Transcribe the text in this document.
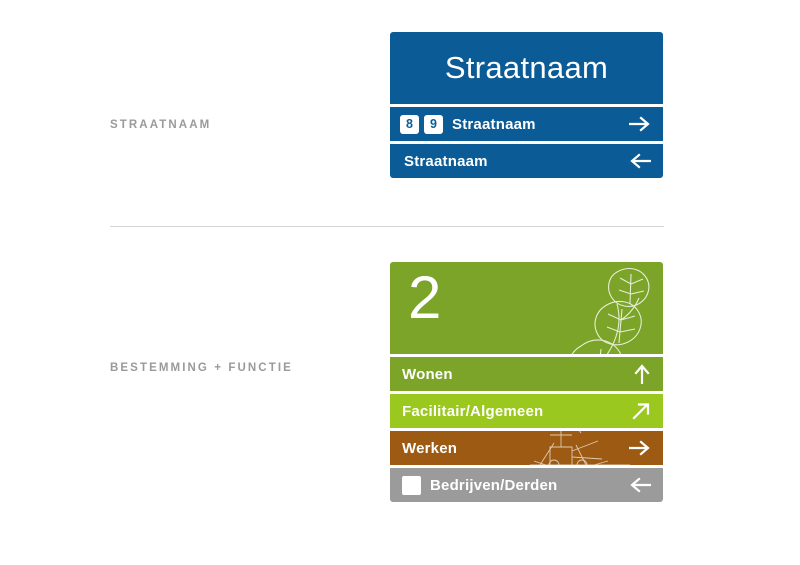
STRAATNAAM
BESTEMMING + FUNCTIE
Straatnaam
8	9	Straatnaam
Straatnaam
2
Wonen
Facilitair/Algemeen
Werken
Bedrijven/Derden
